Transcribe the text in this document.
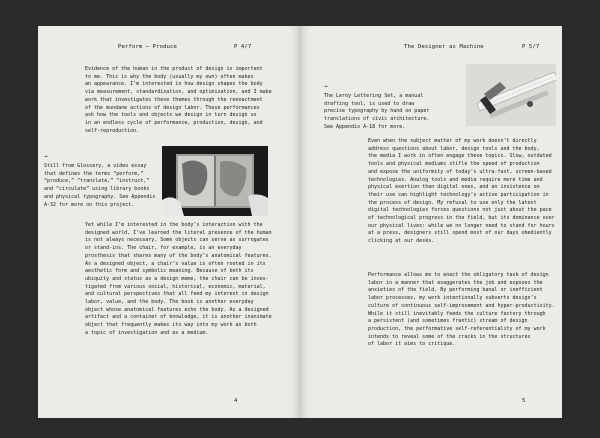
Perform – Produce	P 4/7
Evidence of the human in the product of design is important
to me. This is why the body (usually my own) often makes
an appearance. I’m interested in how design shapes the body
via measurement, standardization, and optimization, and I make
work that investigates these themes through the reenactment
of the mundane actions of design labor. These performances
ask how the tools and objects we design in turn design us
in an endless cycle of performance, production, design, and
self-reproduction.
→
Still from Glossary, a video essay
that defines the terms “perform,”
“produce,” “translate,” “instruct,”
and “circulate” using library books
and physical typography. See Appendix
A-32 for more on this project.
Yet while I’m interested in the body’s interaction with the
designed world, I’ve learned the literal presence of the human
is not always necessary. Some objects can serve as surrogates
or stand-ins. The chair, for example, is an everyday
prosthesis that shares many of the body’s anatomical features.
As a designed object, a chair’s value is often rooted in its
aesthetic form and symbolic meaning. Because of both its
ubiquity and status as a design meme, the chair can be inves-
tigated from various social, historical, economic, material,
and cultural perspectives that all feed my interest in design
labor, value, and the body. The book is another everyday
object whose anatomical features echo the body. As a designed
artifact and a container of knowledge, it is another inanimate
object that frequently makes its way into my work as both
a topic of investigation and as a medium.
4
The Designer as Machine	P 5/7
→
The Leroy Lettering Set, a manual
drafting tool, is used to draw
precise typography by hand on paper
translations of civic architecture.
See Appendix A-18 for more.
Even when the subject matter of my work doesn’t directly
address questions about labor, design tools and the body,
the media I work in often engage these topics. Slow, outdated
tools and physical mediums stifle the speed of production
and expose the uniformity of today’s ultra-fast, screen-based
technologies. Analog tools and media require more time and
physical exertion than digital ones, and an insistence on
their use can highlight technology’s active participation in
the process of design. My refusal to use only the latest
digital technologies forces questions not just about the pace
of technological progress in the field, but its dominance over
our physical lives: while we no longer need to stand for hours
at a press, designers still spend most of our days obediently
clicking at our desks.
Performance allows me to enact the obligatory task of design
labor in a manner that exaggerates the job and exposes the
anxieties of the field. By performing banal or inefficient
labor processes, my work intentionally subverts design’s
culture of continuous self-improvement and hyper-productivity.
While it still inevitably feeds the culture factory through
a persistent (and sometimes frantic) stream of design
production, the performative self-referentiality of my work
intends to reveal some of the cracks in the structures
of labor it aims to critique.
5
